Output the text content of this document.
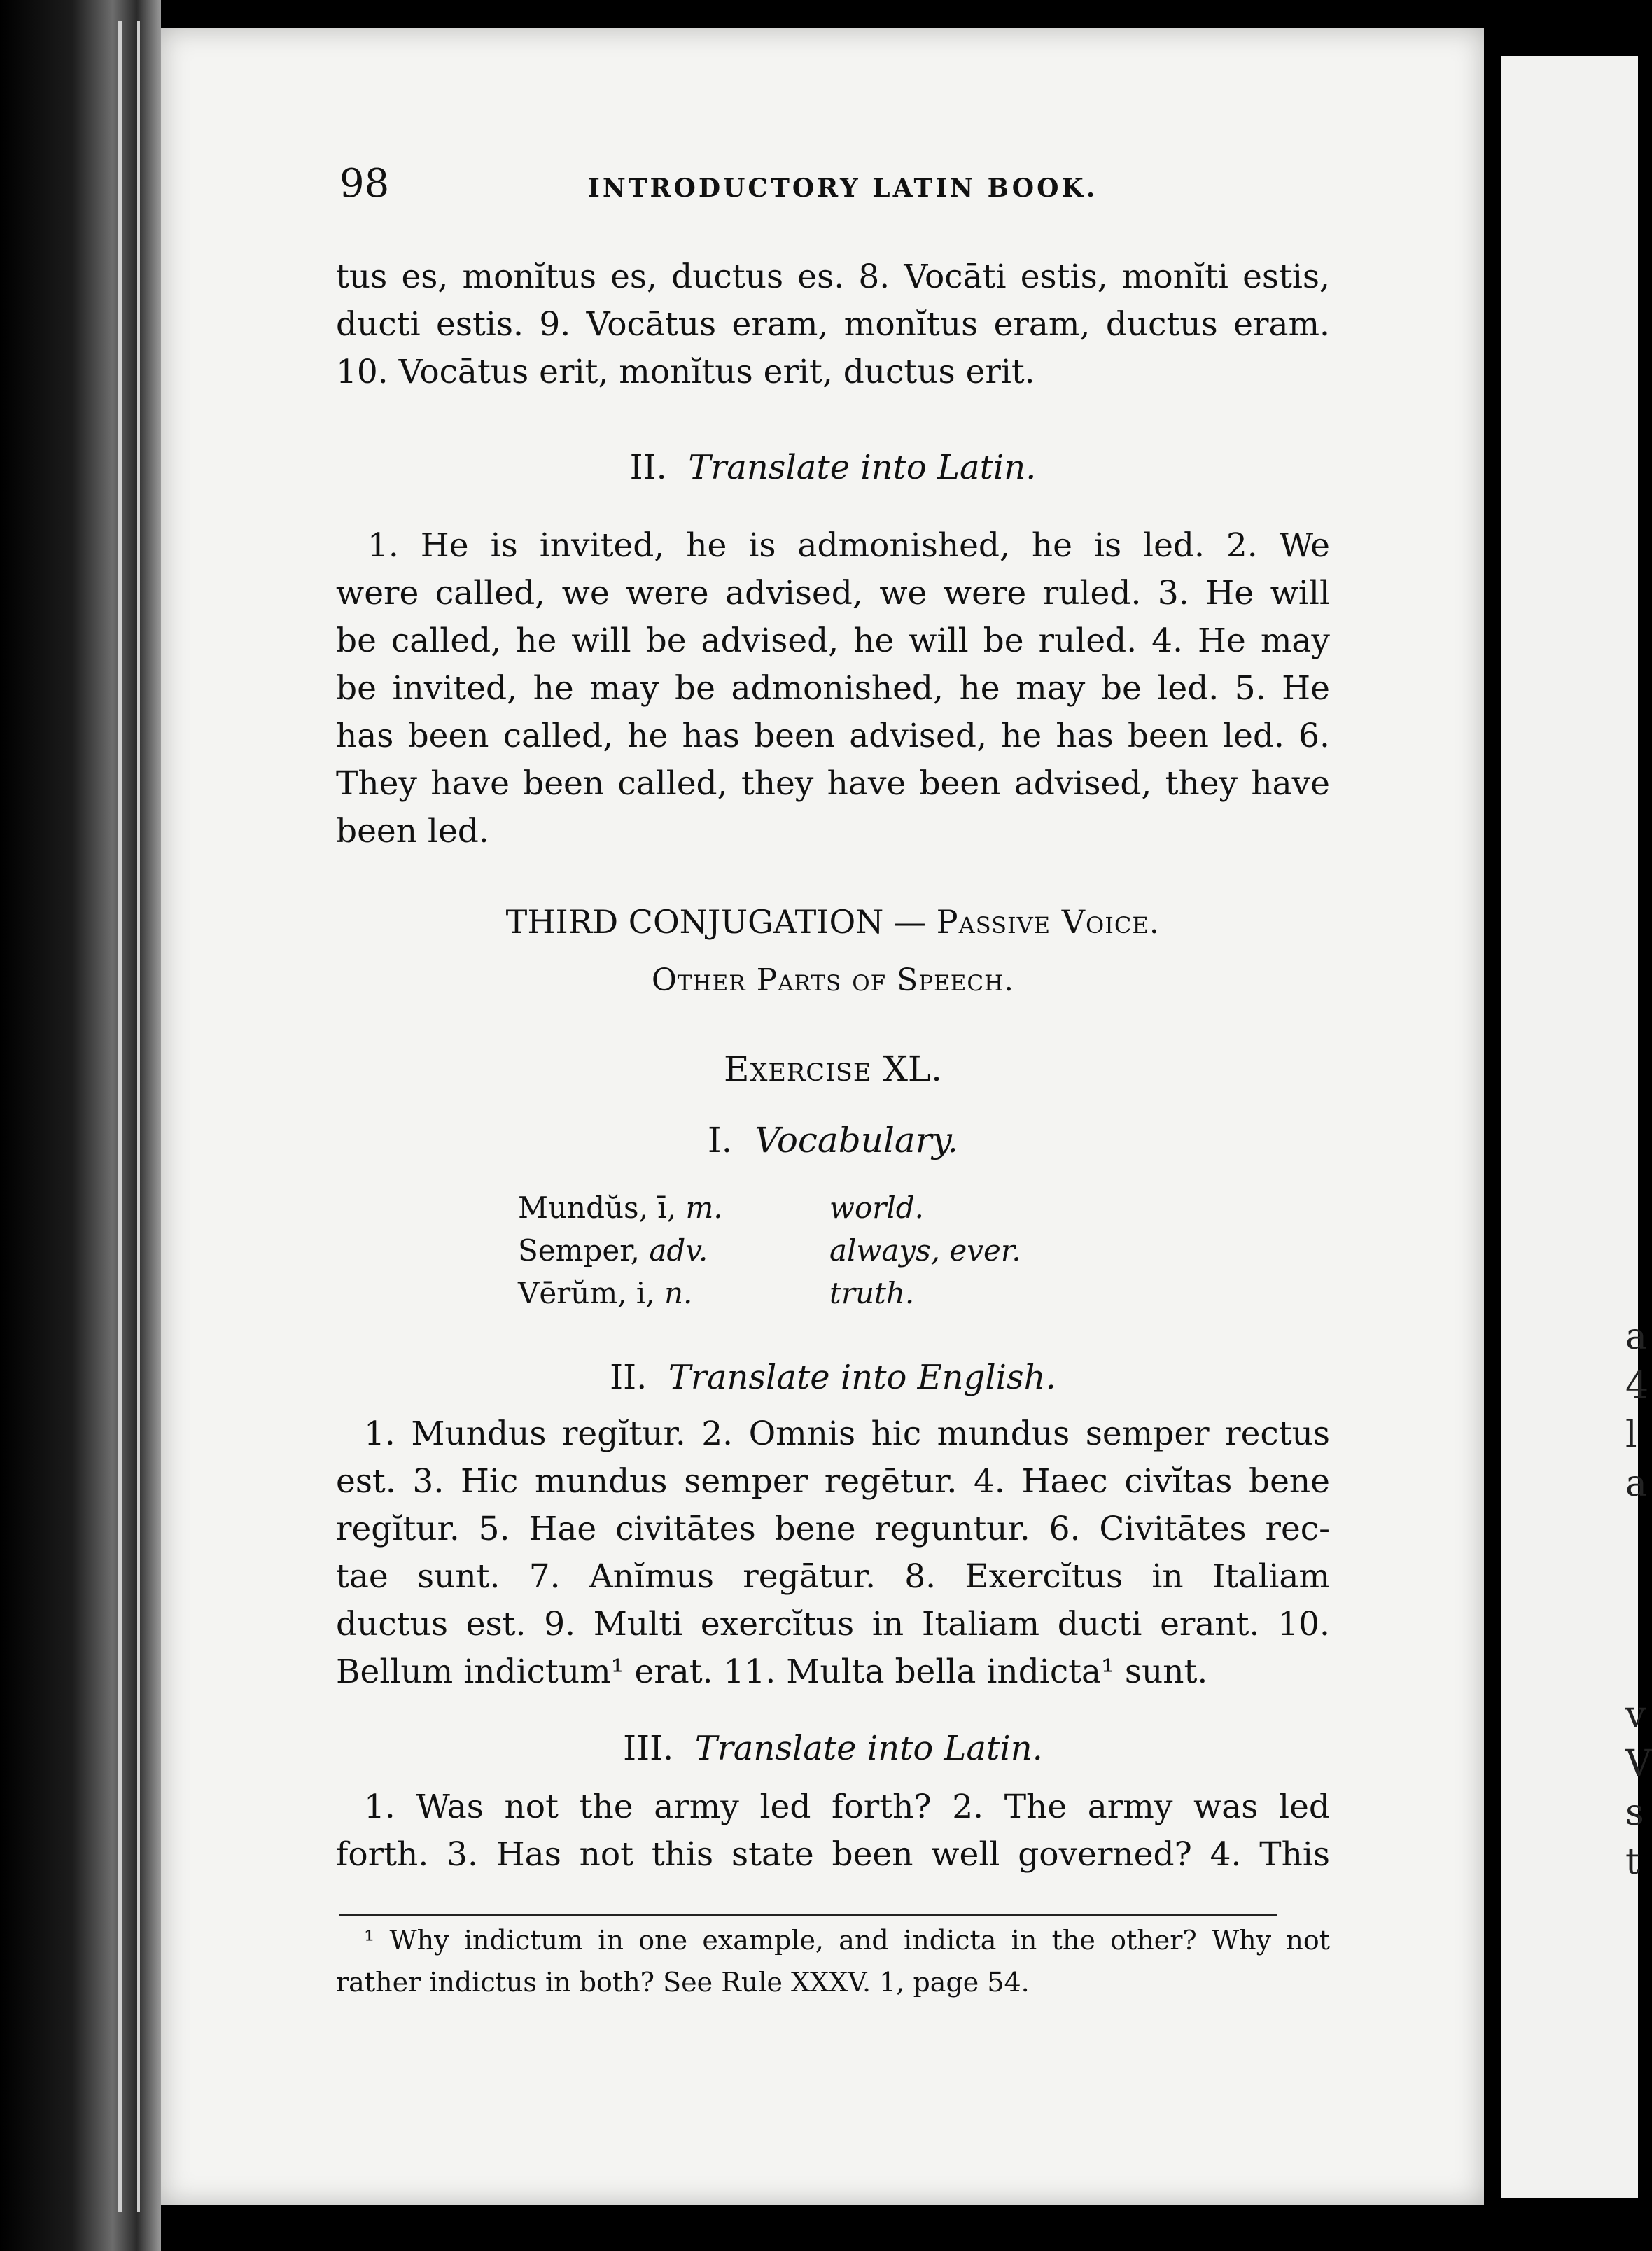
a
4
l
a
v
V
s
t
98	INTRODUCTORY LATIN BOOK.
tus es, monĭtus es, ductus es. 8. Vocāti estis, monĭti estis,
ducti estis. 9. Vocātus eram, monĭtus eram, ductus eram.
10. Vocātus erit, monĭtus erit, ductus erit.
II. Translate into Latin.
1. He is invited, he is admonished, he is led. 2. We
were called, we were advised, we were ruled. 3. He will
be called, he will be advised, he will be ruled. 4. He may
be invited, he may be admonished, he may be led. 5. He
has been called, he has been advised, he has been led. 6.
They have been called, they have been advised, they have
been led.
THIRD CONJUGATION — Passive Voice.
Other Parts of Speech.
Exercise XL.
I. Vocabulary.
Mundŭs, ī, m.	world.
Semper, adv.	always, ever.
Vērŭm, i, n.	truth.
II. Translate into English.
1. Mundus regĭtur. 2. Omnis hic mundus semper rectus
est. 3. Hic mundus semper regētur. 4. Haec civĭtas bene
regĭtur. 5. Hae civitātes bene reguntur. 6. Civitātes rec-
tae sunt. 7. Anĭmus regātur. 8. Exercĭtus in Italiam
ductus est. 9. Multi exercĭtus in Italiam ducti erant. 10.
Bellum indictum¹ erat. 11. Multa bella indicta¹ sunt.
III. Translate into Latin.
1. Was not the army led forth? 2. The army was led
forth. 3. Has not this state been well governed? 4. This
¹ Why indictum in one example, and indicta in the other? Why not
rather indictus in both? See Rule XXXV. 1, page 54.
